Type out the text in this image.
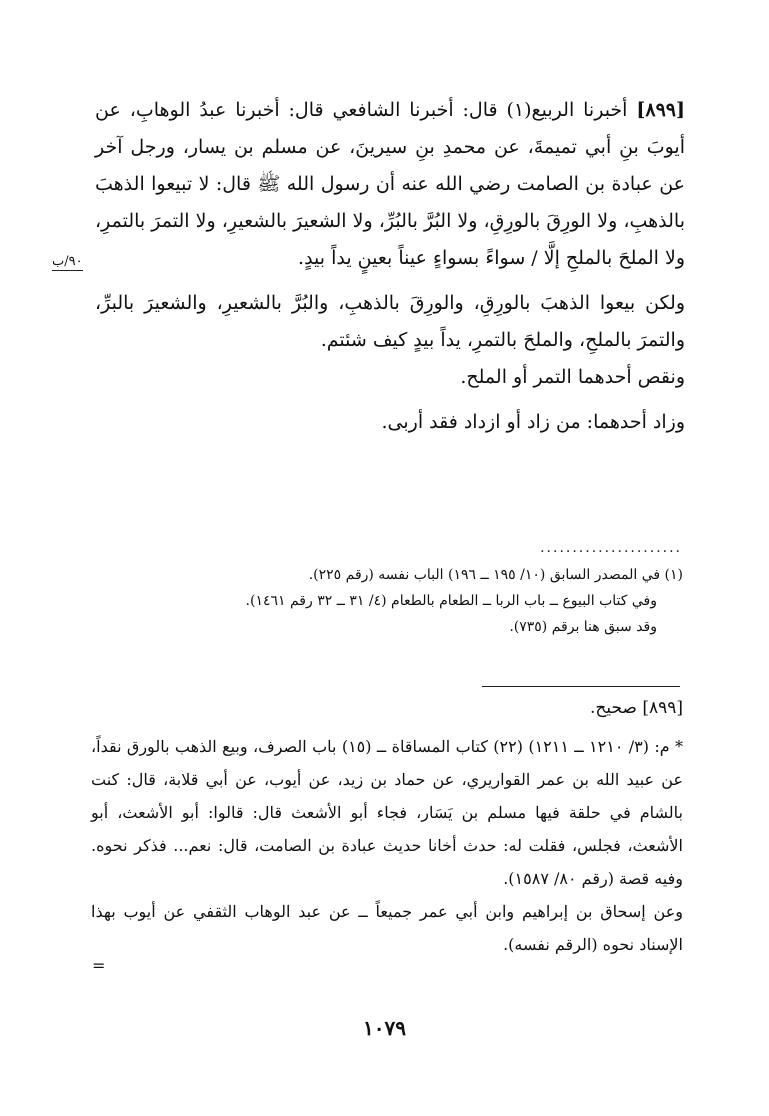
[٨٩٩] أخبرنا الربيع(١) قال: أخبرنا الشافعي قال: أخبرنا عبدُ الوهابِ، عن أيوبَ بنِ أبي تميمةَ، عن محمدِ بنِ سيرينَ، عن مسلم بن يسار، ورجل آخر عن عبادة بن الصامت رضي الله عنه أن رسول الله ﷺ قال: لا تبيعوا الذهبَ بالذهبِ، ولا الورِقَ بالورِقِ، ولا البُرَّ بالبُرِّ، ولا الشعيرَ بالشعيرِ، ولا التمرَ بالتمرِ، ولا الملحَ بالملحِ إلَّا / سواءً بسواءٍ عيناً بعينٍ يداً بيدٍ.

ولكن بيعوا الذهبَ بالورِقِ، والورِقَ بالذهبِ، والبُرَّ بالشعيرِ، والشعيرَ بالبرِّ، والتمرَ بالملحِ، والملحَ بالتمرِ، يداً بيدٍ كيف شئتم.

ونقص أحدهما التمر أو الملح.

وزاد أحدهما: من زاد أو ازداد فقد أربى.

٩٠/ب
......................

(١) في المصدر السابق (١٠/ ١٩٥ ــ ١٩٦) الباب نفسه (رقم ٢٢٥).

وفي كتاب البيوع ــ باب الربا ــ الطعام بالطعام (٤/ ٣١ ــ ٣٢ رقم ١٤٦١).

وقد سبق هنا برقم (٧٣٥).

[٨٩٩] صحيح.

* م: (٣/ ١٢١٠ ــ ١٢١١) (٢٢) كتاب المساقاة ــ (١٥) باب الصرف، وبيع الذهب بالورق نقداً، عن عبيد الله بن عمر القواريري، عن حماد بن زيد، عن أيوب، عن أبي قلابة، قال: كنت بالشام في حلقة فيها مسلم بن يَسَار، فجاء أبو الأشعث قال: قالوا: أبو الأشعث، أبو الأشعث، فجلس، فقلت له: حدث أخانا حديث عبادة بن الصامت، قال: نعم... فذكر نحوه. وفيه قصة (رقم ٨٠/ ١٥٨٧).

وعن إسحاق بن إبراهيم وابن أبي عمر جميعاً ــ عن عبد الوهاب الثقفي عن أيوب بهذا الإسناد نحوه (الرقم نفسه).

=
١٠٧٩
